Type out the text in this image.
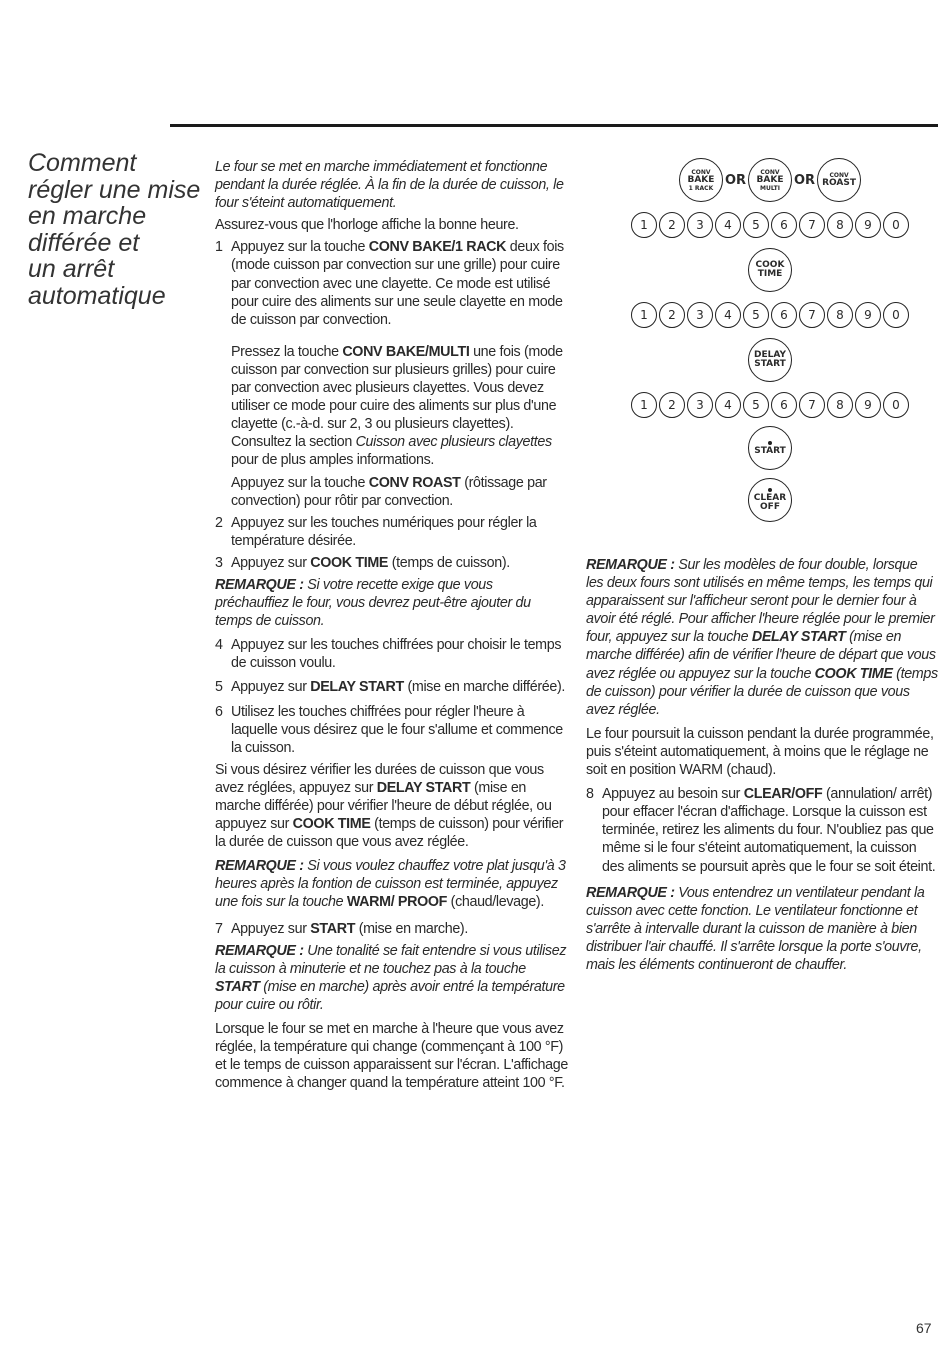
Comment
régler une mise
en marche
différée et
un arrêt
automatique

Le four se met en marche immédiatement et fonctionne pendant la durée réglée. À la fin de la durée de cuisson, le four s'éteint automatiquement.

Assurez-vous que l'horloge affiche la bonne heure.

1 Appuyez sur la touche CONV BAKE/1 RACK deux fois (mode cuisson par convection sur une grille) pour cuire par convection avec une clayette. Ce mode est utilisé pour cuire des aliments sur une seule clayette en mode de cuisson par convection.

Pressez la touche CONV BAKE/MULTI une fois (mode cuisson par convection sur plusieurs grilles) pour cuire par convection avec plusieurs clayettes. Vous devez utiliser ce mode pour cuire des aliments sur plus d'une clayette (c.-à-d. sur 2, 3 ou plusieurs clayettes). Consultez la section Cuisson avec plusieurs clayettes pour de plus amples informations.

Appuyez sur la touche CONV ROAST (rôtissage par convection) pour rôtir par convection.

2 Appuyez sur les touches numériques pour régler la température désirée.

3 Appuyez sur COOK TIME (temps de cuisson).

REMARQUE : Si votre recette exige que vous préchauffiez le four, vous devrez peut-être ajouter du temps de cuisson.

4 Appuyez sur les touches chiffrées pour choisir le temps de cuisson voulu.

5 Appuyez sur DELAY START (mise en marche différée).

6 Utilisez les touches chiffrées pour régler l'heure à laquelle vous désirez que le four s'allume et commence la cuisson.

Si vous désirez vérifier les durées de cuisson que vous avez réglées, appuyez sur DELAY START (mise en marche différée) pour vérifier l'heure de début réglée, ou appuyez sur COOK TIME (temps de cuisson) pour vérifier la durée de cuisson que vous avez réglée.

REMARQUE : Si vous voulez chauffez votre plat jusqu'à 3 heures après la fontion de cuisson est terminée, appuyez une fois sur la touche WARM/ PROOF (chaud/levage).

7 Appuyez sur START (mise en marche).

REMARQUE : Une tonalité se fait entendre si vous utilisez la cuisson à minuterie et ne touchez pas à la touche START (mise en marche) après avoir entré la température pour cuire ou rôtir.

Lorsque le four se met en marche à l'heure que vous avez réglée, la température qui change (commençant à 100 °F) et le temps de cuisson apparaissent sur l'écran. L'affichage commence à changer quand la température atteint 100 °F.

CONV
BAKE
1 RACK
OR
CONV
BAKE
MULTI
OR CONV
ROAST
1	2	3	4	5	6	7	8	9	0
COOK
TIME
1	2	3	4	5	6	7	8	9	0
DELAY
START
1	2	3	4	5	6	7	8	9	0
START
CLEAR
OFF

REMARQUE : Sur les modèles de four double, lorsque les deux fours sont utilisés en même temps, les temps qui apparaissent sur l'afficheur seront pour le dernier four à avoir été réglé. Pour afficher l'heure réglée pour le premier four, appuyez sur la touche DELAY START (mise en marche différée) afin de vérifier l'heure de départ que vous avez réglée ou appuyez sur la touche COOK TIME (temps de cuisson) pour vérifier la durée de cuisson que vous avez réglée.

Le four poursuit la cuisson pendant la durée programmée, puis s'éteint automatiquement, à moins que le réglage ne soit en position WARM (chaud).

8 Appuyez au besoin sur CLEAR/OFF (annulation/ arrêt) pour effacer l'écran d'affichage. Lorsque la cuisson est terminée, retirez les aliments du four. N'oubliez pas que même si le four s'éteint automatiquement, la cuisson des aliments se poursuit après que le four se soit éteint.

REMARQUE : Vous entendrez un ventilateur pendant la cuisson avec cette fonction. Le ventilateur fonctionne et s'arrête à intervalle durant la cuisson de manière à bien distribuer l'air chauffé. Il s'arrête lorsque la porte s'ouvre, mais les éléments continueront de chauffer.

67
